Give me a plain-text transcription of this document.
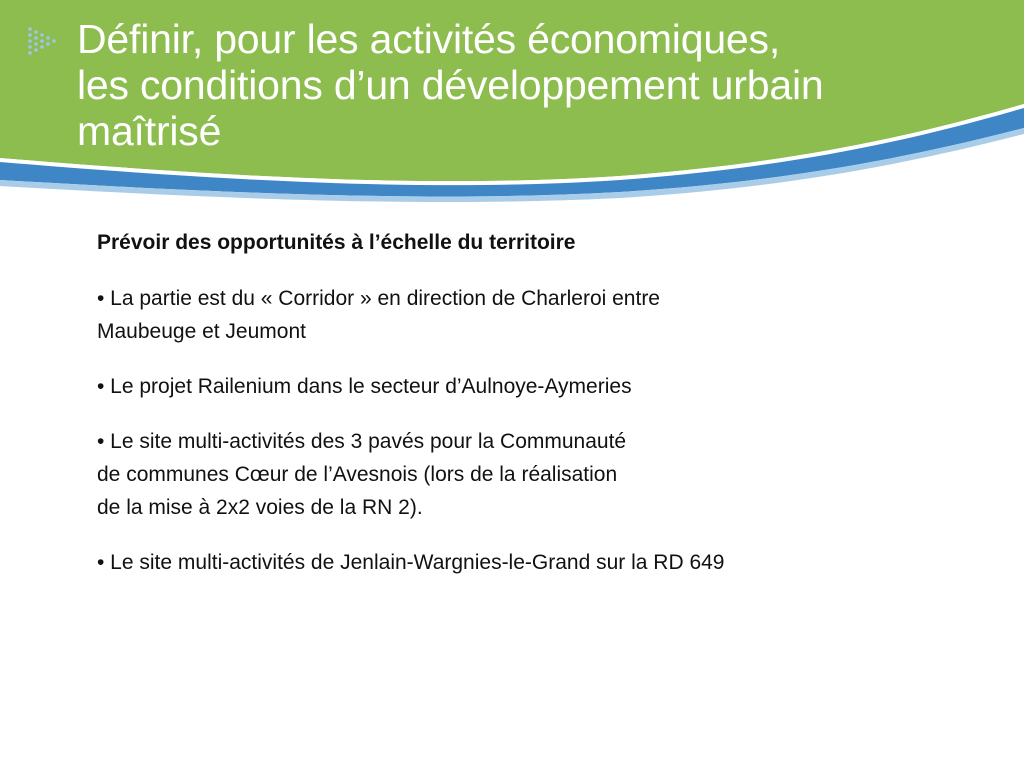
Définir, pour les activités économiques,
les conditions d’un développement urbain
maîtrisé

Prévoir des opportunités à l’échelle du territoire

• La partie est du « Corridor » en direction de Charleroi entre
Maubeuge et Jeumont

• Le projet Railenium dans le secteur d’Aulnoye-Aymeries

• Le site multi-activités des 3 pavés pour la Communauté
de communes Cœur de l’Avesnois (lors de la réalisation
de la mise à 2x2 voies de la RN 2).

• Le site multi-activités de Jenlain-Wargnies-le-Grand sur la RD 649
